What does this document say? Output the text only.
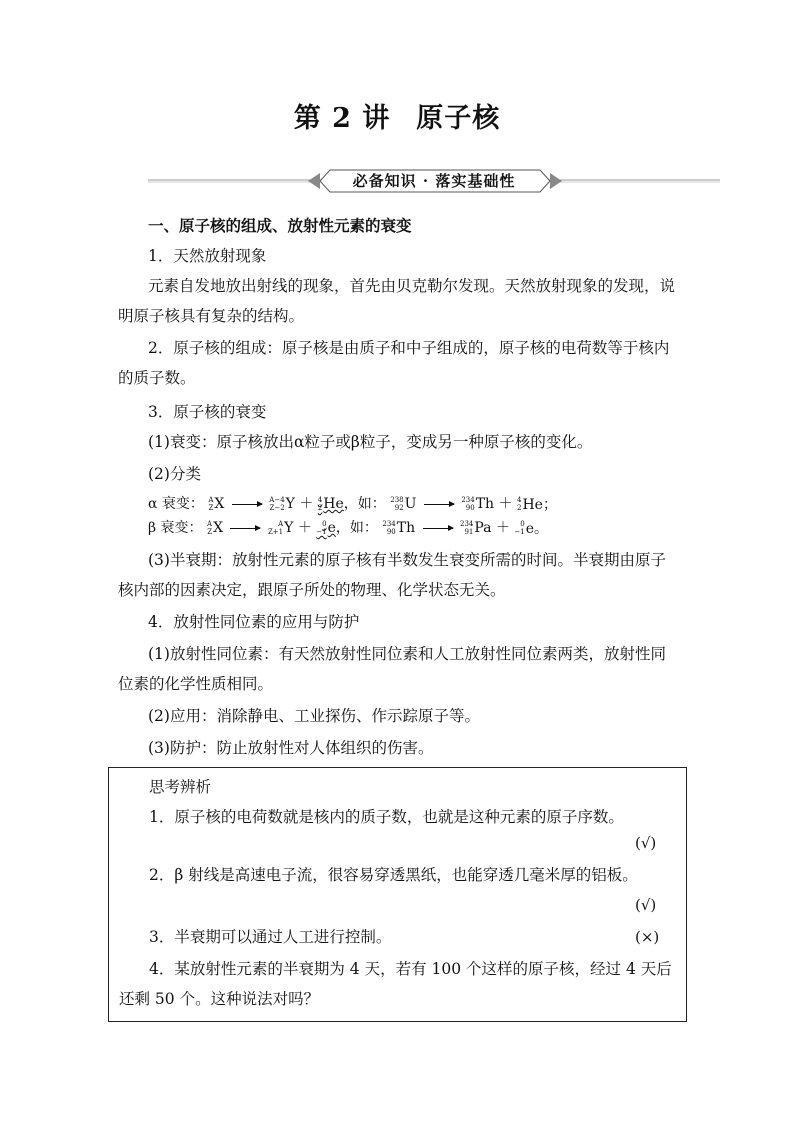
第 2 讲 原子核
必备知识 · 落实基础性
一、原子核的组成、放射性元素的衰变
1．天然放射现象
元素自发地放出射线的现象，首先由贝克勒尔发现。天然放射现象的发现，说明原子核具有复杂的结构。
2．原子核的组成：原子核是由质子和中子组成的，原子核的电荷数等于核内的质子数。
3．原子核的衰变
(1)衰变：原子核放出α粒子或β粒子，变成另一种原子核的变化。
(2)分类
α 衰变： A
Z X
	A−4
Z−2 Y ＋ 4
2 He ，如： 238
92 U
	234
90 Th ＋ 4
2 He；
β 衰变： A
Z X
	A
Z+1 Y ＋	0
−1 e ，如： 234
90 Th
	234
91 Pa ＋	0
−1 e。
(3)半衰期：放射性元素的原子核有半数发生衰变所需的时间。半衰期由原子核内部的因素决定，跟原子所处的物理、化学状态无关。
4．放射性同位素的应用与防护
(1)放射性同位素：有天然放射性同位素和人工放射性同位素两类，放射性同位素的化学性质相同。
(2)应用：消除静电、工业探伤、作示踪原子等。
(3)防护：防止放射性对人体组织的伤害。
思考辨析
1．原子核的电荷数就是核内的质子数，也就是这种元素的原子序数。
(√)
2．β 射线是高速电子流，很容易穿透黑纸，也能穿透几毫米厚的铝板。
(√)
3．半衰期可以通过人工进行控制。	(×)
4．某放射性元素的半衰期为 4 天，若有 100 个这样的原子核，经过 4 天后还剩 50 个。这种说法对吗？
